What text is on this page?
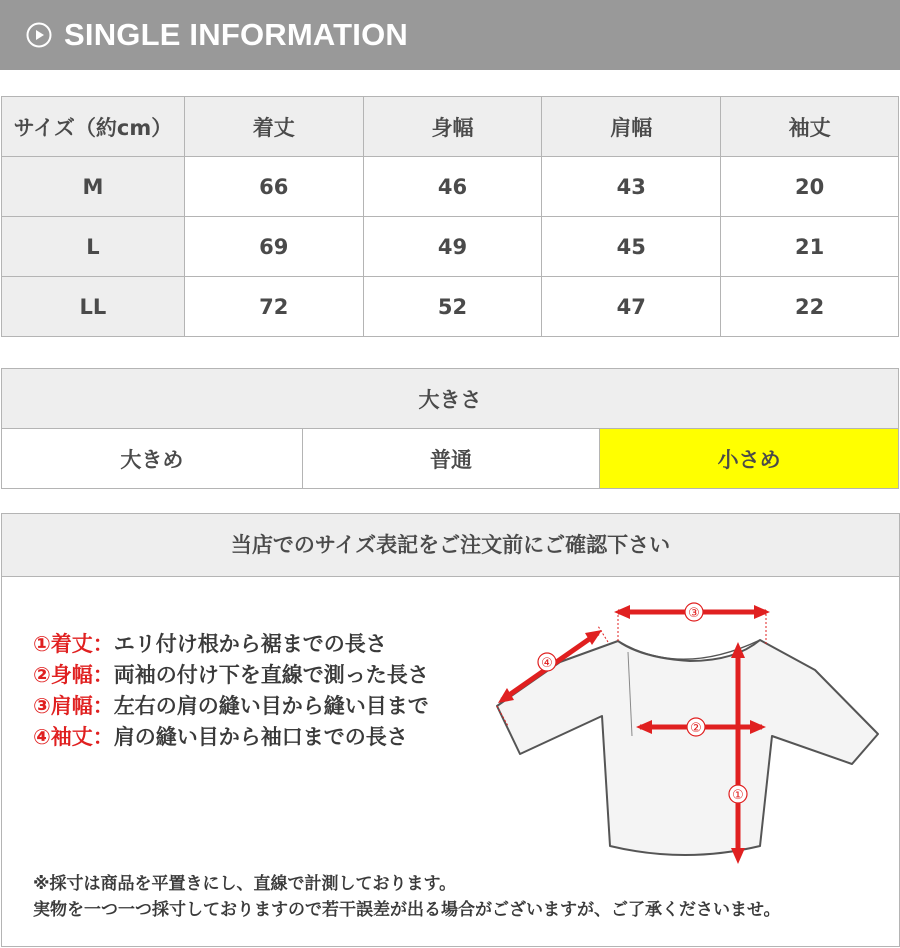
SINGLE INFORMATION
サイズ（約cm）	着丈	身幅	肩幅	袖丈
M	66	46	43	20
L	69	49	45	21
LL	72	52	47	22
大きさ
大きめ	普通	小さめ
当店でのサイズ表記をご注文前にご確認下さい
①着丈：エリ付け根から裾までの長さ
②身幅：両袖の付け下を直線で測った長さ
③肩幅：左右の肩の縫い目から縫い目まで
④袖丈：肩の縫い目から袖口までの長さ
③
②
①
④
※採寸は商品を平置きにし、直線で計測しております。
実物を一つ一つ採寸しておりますので若干誤差が出る場合がございますが、ご了承くださいませ。
